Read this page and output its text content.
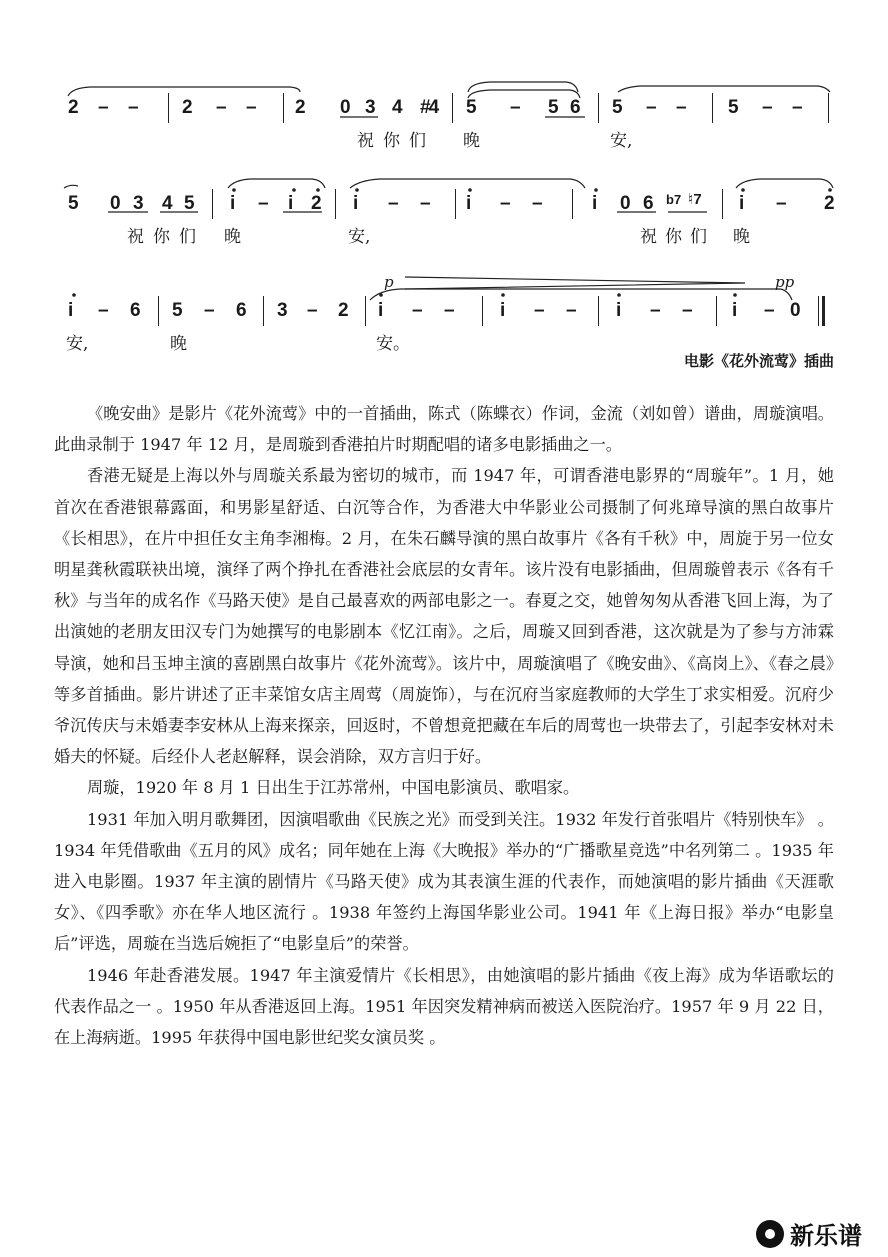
2 – – 2 – – 2 0 3 4 #4 5 – 5 6 5 – – 5 – –
祝 你 们 晚	安,
5 0 3 4 5 i – i 2 i – – i – –	i 0 6 b7 ♮7 i – 2
祝 你 们 晚	安,	祝 你 们 晚
p	pp
i – 6 5 – 6 3 – 2 i – – i – – i – – i – 0
安,	晚	安。
电影《花外流莺》插曲

《晚安曲》是影片《花外流莺》中的一首插曲，陈式（陈蝶衣）作词，金流（刘如曾）谱曲，周璇演唱。此曲录制于 1947 年 12 月，是周璇到香港拍片时期配唱的诸多电影插曲之一。

香港无疑是上海以外与周璇关系最为密切的城市，而 1947 年，可谓香港电影界的“周璇年”。1 月，她首次在香港银幕露面，和男影星舒适、白沉等合作，为香港大中华影业公司摄制了何兆璋导演的黑白故事片《长相思》，在片中担任女主角李湘梅。2 月，在朱石麟导演的黑白故事片《各有千秋》中，周旋于另一位女明星龚秋霞联袂出境，演绎了两个挣扎在香港社会底层的女青年。该片没有电影插曲，但周璇曾表示《各有千秋》与当年的成名作《马路天使》是自己最喜欢的两部电影之一。春夏之交，她曾匆匆从香港飞回上海，为了出演她的老朋友田汉专门为她撰写的电影剧本《忆江南》。之后，周璇又回到香港，这次就是为了参与方沛霖导演，她和吕玉坤主演的喜剧黑白故事片《花外流莺》。该片中，周璇演唱了《晚安曲》、《高岗上》、《春之晨》等多首插曲。影片讲述了正丰菜馆女店主周莺（周旋饰），与在沉府当家庭教师的大学生丁求实相爱。沉府少爷沉传庆与未婚妻李安林从上海来探亲，回返时，不曾想竟把藏在车后的周莺也一块带去了，引起李安林对未婚夫的怀疑。后经仆人老赵解释，误会消除，双方言归于好。

周璇，1920 年 8 月 1 日出生于江苏常州，中国电影演员、歌唱家。

1931 年加入明月歌舞团，因演唱歌曲《民族之光》而受到关注。1932 年发行首张唱片《特别快车》 。1934 年凭借歌曲《五月的风》成名；同年她在上海《大晚报》举办的“广播歌星竞选”中名列第二 。1935 年进入电影圈。1937 年主演的剧情片《马路天使》成为其表演生涯的代表作，而她演唱的影片插曲《天涯歌女》、《四季歌》亦在华人地区流行 。1938 年签约上海国华影业公司。1941 年《上海日报》举办“电影皇后”评选，周璇在当选后婉拒了“电影皇后”的荣誉。

1946 年赴香港发展。1947 年主演爱情片《长相思》，由她演唱的影片插曲《夜上海》成为华语歌坛的代表作品之一 。1950 年从香港返回上海。1951 年因突发精神病而被送入医院治疗。1957 年 9 月 22 日，在上海病逝。1995 年获得中国电影世纪奖女演员奖 。

新乐谱
